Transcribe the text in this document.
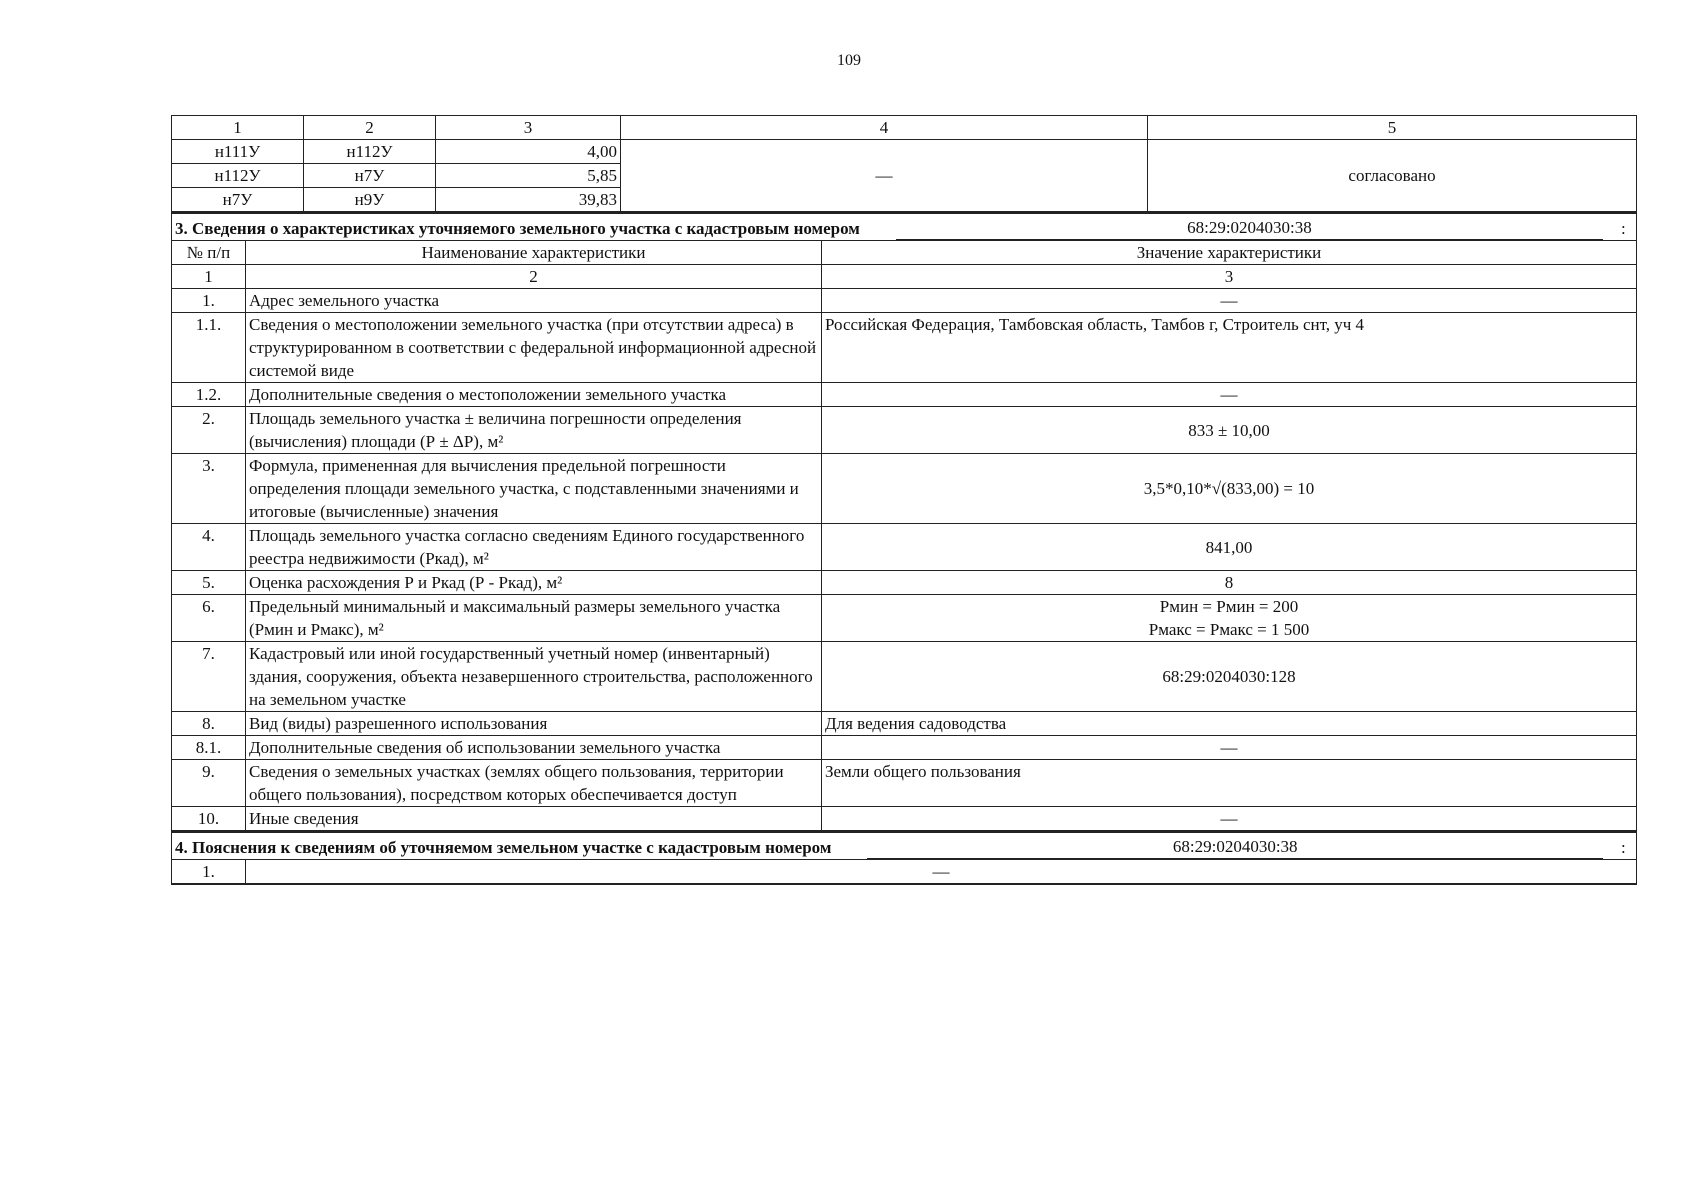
109
1	2	3	4	5
н111У	н112У	4,00	—	согласовано
н112У	н7У	5,85		
н7У	н9У	39,83		
3. Сведения о характеристиках уточняемого земельного участка с кадастровым номером 68:29:0204030:38 :		

№ п/п	Наименование характеристики	Значение характеристики
1	2	3
1.	Адрес земельного участка	—
1.1.	Сведения о местоположении земельного участка (при отсутствии адреса) в структурированном в соответствии с федеральной информационной адресной системой виде	Российская Федерация, Тамбовская область, Тамбов г, Строитель снт, уч 4
1.2.	Дополнительные сведения о местоположении земельного участка	—
2.	Площадь земельного участка ± величина погрешности определения (вычисления) площади (Р ± ΔР), м²	833 ± 10,00
3.	Формула, примененная для вычисления предельной погрешности определения площади земельного участка, с подставленными значениями и итоговые (вычисленные) значения	3,5*0,10*√(833,00) = 10
4.	Площадь земельного участка согласно сведениям Единого государственного реестра недвижимости (Ркад), м²	841,00
5.	Оценка расхождения Р и Ркад (Р - Ркад), м²	8
6.	Предельный минимальный и максимальный размеры земельного участка (Рмин и Рмакс), м²	Рмин = Рмин = 200
Рмакс = Рмакс = 1 500

7.	Кадастровый или иной государственный учетный номер (инвентарный) здания, сооружения, объекта незавершенного строительства, расположенного на земельном участке	68:29:0204030:128
8.	Вид (виды) разрешенного использования	Для ведения садоводства
8.1.	Дополнительные сведения об использовании земельного участка	—
9.	Сведения о земельных участках (землях общего пользования, территории общего пользования), посредством которых обеспечивается доступ	Земли общего пользования
10.	Иные сведения	—
4. Пояснения к сведениям об уточняемом земельном участке с кадастровым номером	68:29:0204030:38	:

1.	—
